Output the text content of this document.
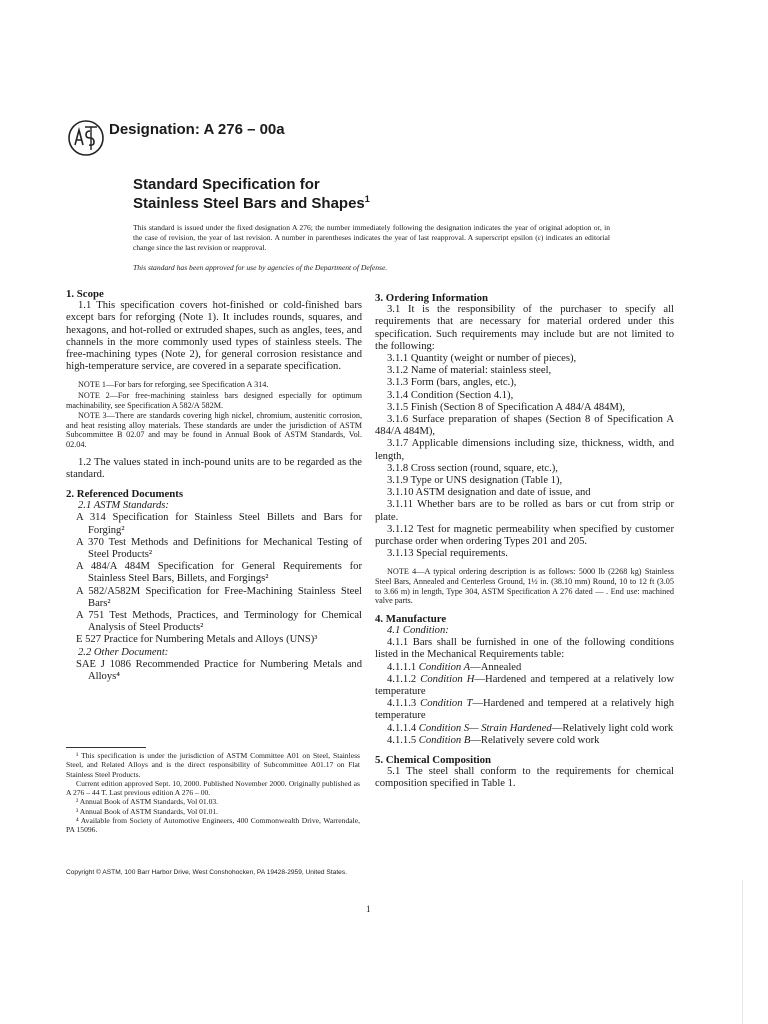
Designation: A 276 – 00a
Standard Specification for
Stainless Steel Bars and Shapes$^1$
This standard is issued under the fixed designation A 276; the number immediately following the designation indicates the year of original adoption or, in the case of revision, the year of last revision. A number in parentheses indicates the year of last reapproval. A superscript epsilon (ε) indicates an editorial change since the last revision or reapproval.
This standard has been approved for use by agencies of the Department of Defense.

1. Scope

1.1 This specification covers hot-finished or cold-finished bars except bars for reforging (Note 1). It includes rounds, squares, and hexagons, and hot-rolled or extruded shapes, such as angles, tees, and channels in the more commonly used types of stainless steels. The free-machining types (Note 2), for general corrosion resistance and high-temperature service, are covered in a separate specification.

NOTE 1—For bars for reforging, see Specification A 314.

NOTE 2—For free-machining stainless bars designed especially for optimum machinability, see Specification A 582/A 582M.

NOTE 3—There are standards covering high nickel, chromium, austenitic corrosion, and heat resisting alloy materials. These standards are under the jurisdiction of ASTM Subcommittee B 02.07 and may be found in Annual Book of ASTM Standards, Vol. 02.04.

1.2 The values stated in inch-pound units are to be regarded as the standard.

2. Referenced Documents

2.1 ASTM Standards:

A 314 Specification for Stainless Steel Billets and Bars for Forging²

A 370 Test Methods and Definitions for Mechanical Testing of Steel Products²

A 484/A 484M Specification for General Requirements for Stainless Steel Bars, Billets, and Forgings²

A 582/A582M Specification for Free-Machining Stainless Steel Bars²

A 751 Test Methods, Practices, and Terminology for Chemical Analysis of Steel Products²

E 527 Practice for Numbering Metals and Alloys (UNS)³

2.2 Other Document:

SAE J 1086 Recommended Practice for Numbering Metals and Alloys⁴

¹ This specification is under the jurisdiction of ASTM Committee A01 on Steel, Stainless Steel, and Related Alloys and is the direct responsibility of Subcommittee A01.17 on Flat Stainless Steel Products.

Current edition approved Sept. 10, 2000. Published November 2000. Originally published as A 276 – 44 T. Last previous edition A 276 – 00.

² Annual Book of ASTM Standards, Vol 01.03.

³ Annual Book of ASTM Standards, Vol 01.01.

⁴ Available from Society of Automotive Engineers, 400 Commonwealth Drive, Warrendale, PA 15096.

3. Ordering Information

3.1 It is the responsibility of the purchaser to specify all requirements that are necessary for material ordered under this specification. Such requirements may include but are not limited to the following:

3.1.1 Quantity (weight or number of pieces),

3.1.2 Name of material: stainless steel,

3.1.3 Form (bars, angles, etc.),

3.1.4 Condition (Section 4.1),

3.1.5 Finish (Section 8 of Specification A 484/A 484M),

3.1.6 Surface preparation of shapes (Section 8 of Specification A 484/A 484M),

3.1.7 Applicable dimensions including size, thickness, width, and length,

3.1.8 Cross section (round, square, etc.),

3.1.9 Type or UNS designation (Table 1),

3.1.10 ASTM designation and date of issue, and

3.1.11 Whether bars are to be rolled as bars or cut from strip or plate.

3.1.12 Test for magnetic permeability when specified by customer purchase order when ordering Types 201 and 205.

3.1.13 Special requirements.

NOTE 4—A typical ordering description is as follows: 5000 lb (2268 kg) Stainless Steel Bars, Annealed and Centerless Ground, 1½ in. (38.10 mm) Round, 10 to 12 ft (3.05 to 3.66 m) in length, Type 304, ASTM Specification A 276 dated — . End use: machined valve parts.

4. Manufacture

4.1 Condition:

4.1.1 Bars shall be furnished in one of the following conditions listed in the Mechanical Requirements table:

4.1.1.1 Condition A—Annealed

4.1.1.2 Condition H—Hardened and tempered at a relatively low temperature

4.1.1.3 Condition T—Hardened and tempered at a relatively high temperature

4.1.1.4 Condition S— Strain Hardened—Relatively light cold work

4.1.1.5 Condition B—Relatively severe cold work

5. Chemical Composition

5.1 The steel shall conform to the requirements for chemical composition specified in Table 1.

Copyright © ASTM, 100 Barr Harbor Drive, West Conshohocken, PA 19428-2959, United States.
1
